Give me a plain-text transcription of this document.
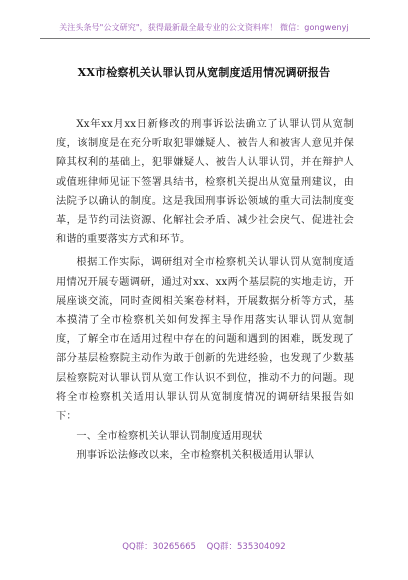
关注头条号"公文研究"，获得最新最全最专业的公文资料库！ 微信：gongwenyj
XX市检察机关认罪认罚从宽制度适用情况调研报告

Xx年xx月xx日新修改的刑事诉讼法确立了认罪认罚从宽制度，该制度是在充分听取犯罪嫌疑人、被告人和被害人意见并保障其权利的基础上，犯罪嫌疑人、被告人认罪认罚，并在辩护人或值班律师见证下签署具结书，检察机关提出从宽量刑建议，由法院予以确认的制度。这是我国刑事诉讼领域的重大司法制度变革，是节约司法资源、化解社会矛盾、减少社会戾气、促进社会和谐的重要落实方式和环节。

根据工作实际，调研组对全市检察机关认罪认罚从宽制度适用情况开展专题调研，通过对xx、xx两个基层院的实地走访，开展座谈交流，同时查阅相关案卷材料，开展数据分析等方式，基本摸清了全市检察机关如何发挥主导作用落实认罪认罚从宽制度，了解全市在适用过程中存在的问题和遇到的困难，既发现了部分基层检察院主动作为敢于创新的先进经验，也发现了少数基层检察院对认罪认罚从宽工作认识不到位，推动不力的问题。现将全市检察机关适用认罪认罚从宽制度情况的调研结果报告如下：

一、全市检察机关认罪认罚制度适用现状

刑事诉讼法修改以来，全市检察机关积极适用认罪认

QQ群：30265665 QQ群：535304092
